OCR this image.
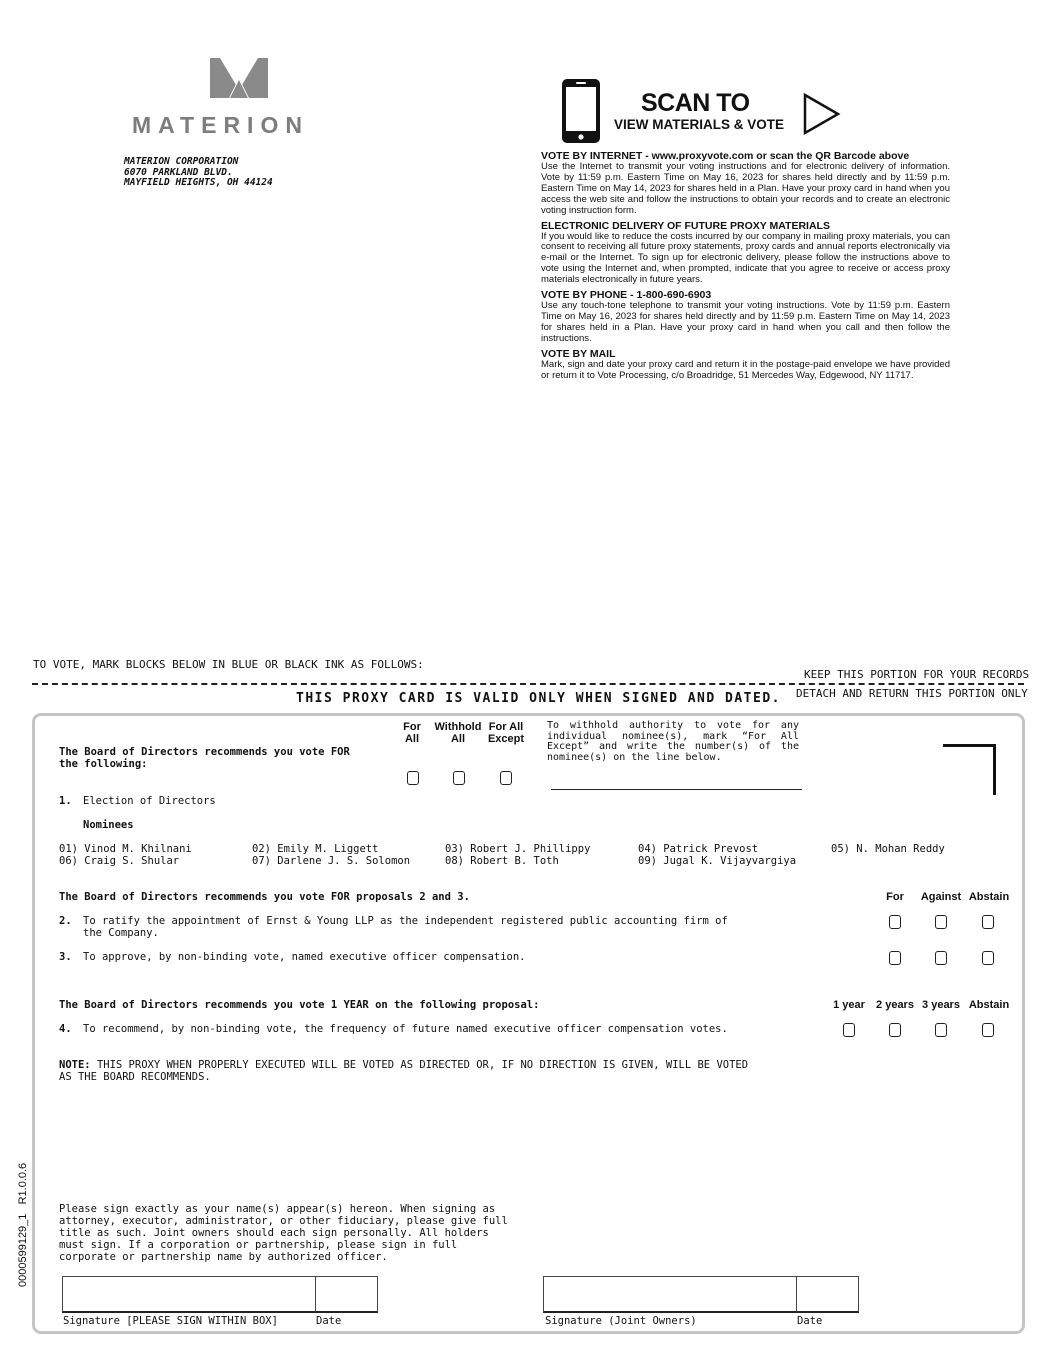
MATERION
MATERION CORPORATION
6070 PARKLAND BLVD.
MAYFIELD HEIGHTS, OH 44124
SCAN TO
VIEW MATERIALS & VOTE
VOTE BY INTERNET - www.proxyvote.com or scan the QR Barcode above
Use the Internet to transmit your voting instructions and for electronic delivery of information. Vote by 11:59 p.m. Eastern Time on May 16, 2023 for shares held directly and by 11:59 p.m. Eastern Time on May 14, 2023 for shares held in a Plan. Have your proxy card in hand when you access the web site and follow the instructions to obtain your records and to create an electronic voting instruction form.
ELECTRONIC DELIVERY OF FUTURE PROXY MATERIALS
If you would like to reduce the costs incurred by our company in mailing proxy materials, you can consent to receiving all future proxy statements, proxy cards and annual reports electronically via e-mail or the Internet. To sign up for electronic delivery, please follow the instructions above to vote using the Internet and, when prompted, indicate that you agree to receive or access proxy materials electronically in future years.
VOTE BY PHONE - 1-800-690-6903
Use any touch-tone telephone to transmit your voting instructions. Vote by 11:59 p.m. Eastern Time on May 16, 2023 for shares held directly and by 11:59 p.m. Eastern Time on May 14, 2023 for shares held in a Plan. Have your proxy card in hand when you call and then follow the instructions.
VOTE BY MAIL
Mark, sign and date your proxy card and return it in the postage-paid envelope we have provided or return it to Vote Processing, c/o Broadridge, 51 Mercedes Way, Edgewood, NY 11717.
TO VOTE, MARK BLOCKS BELOW IN BLUE OR BLACK INK AS FOLLOWS:
KEEP THIS PORTION FOR YOUR RECORDS
DETACH AND RETURN THIS PORTION ONLY
THIS PROXY CARD IS VALID ONLY WHEN SIGNED AND DATED.
The Board of Directors recommends you vote FOR the following:
For All
Withhold All
For All Except
To withhold authority to vote for any individual nominee(s), mark “For All Except” and write the number(s) of the nominee(s) on the line below.
1. Election of Directors
Nominees
01) Vinod M. Khilnani	02) Emily M. Liggett	03) Robert J. Phillippy	04) Patrick Prevost	05) N. Mohan Reddy
06) Craig S. Shular	07) Darlene J. S. Solomon	08) Robert B. Toth	09) Jugal K. Vijayvargiya
The Board of Directors recommends you vote FOR proposals 2 and 3.	For	Against Abstain
2. To ratify the appointment of Ernst & Young LLP as the independent registered public accounting firm of the Company.
3. To approve, by non-binding vote, named executive officer compensation.
The Board of Directors recommends you vote 1 YEAR on the following proposal:	1 year 2 years 3 years Abstain
4. To recommend, by non-binding vote, the frequency of future named executive officer compensation votes.
NOTE: THIS PROXY WHEN PROPERLY EXECUTED WILL BE VOTED AS DIRECTED OR, IF NO DIRECTION IS GIVEN, WILL BE VOTED AS THE BOARD RECOMMENDS.
Please sign exactly as your name(s) appear(s) hereon. When signing as attorney, executor, administrator, or other fiduciary, please give full title as such. Joint owners should each sign personally. All holders must sign. If a corporation or partnership, please sign in full corporate or partnership name by authorized officer.
Signature [PLEASE SIGN WITHIN BOX]	Date	Signature (Joint Owners)	Date
0000599129_1   R1.0.0.6
